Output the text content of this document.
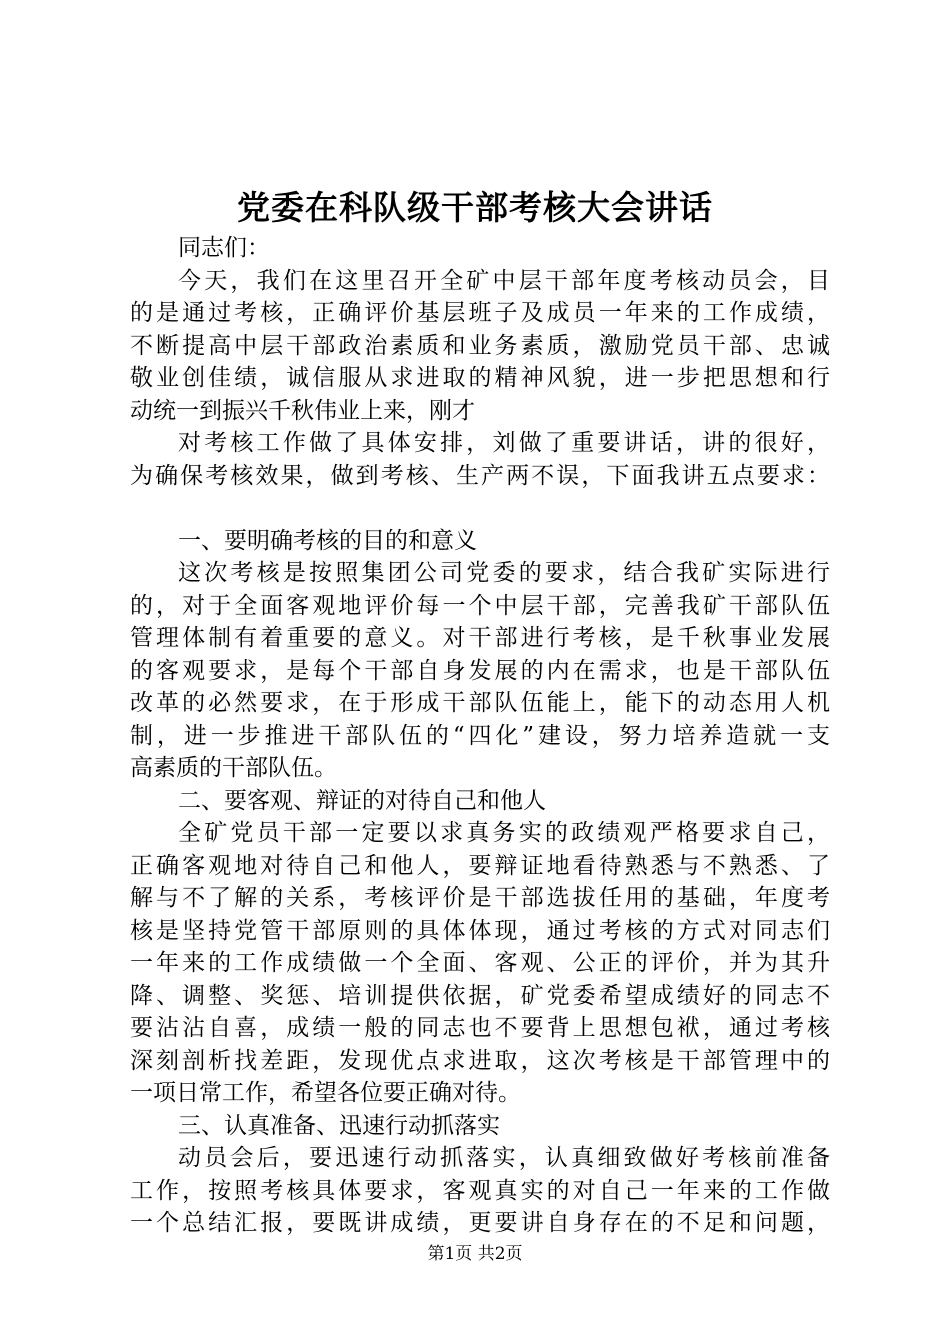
党委在科队级干部考核大会讲话
同志们：
今天，我们在这里召开全矿中层干部年度考核动员会，目
的是通过考核，正确评价基层班子及成员一年来的工作成绩，
不断提高中层干部政治素质和业务素质，激励党员干部、忠诚
敬业创佳绩，诚信服从求进取的精神风貌，进一步把思想和行
动统一到振兴千秋伟业上来，刚才
对考核工作做了具体安排，刘做了重要讲话，讲的很好，
为确保考核效果，做到考核、生产两不误，下面我讲五点要求：
一、要明确考核的目的和意义
这次考核是按照集团公司党委的要求，结合我矿实际进行
的，对于全面客观地评价每一个中层干部，完善我矿干部队伍
管理体制有着重要的意义。对干部进行考核，是千秋事业发展
的客观要求，是每个干部自身发展的内在需求，也是干部队伍
改革的必然要求，在于形成干部队伍能上，能下的动态用人机
制，进一步推进干部队伍的“四化”建设，努力培养造就一支
高素质的干部队伍。
二、要客观、辩证的对待自己和他人
全矿党员干部一定要以求真务实的政绩观严格要求自己，
正确客观地对待自己和他人，要辩证地看待熟悉与不熟悉、了
解与不了解的关系，考核评价是干部选拔任用的基础，年度考
核是坚持党管干部原则的具体体现，通过考核的方式对同志们
一年来的工作成绩做一个全面、客观、公正的评价，并为其升
降、调整、奖惩、培训提供依据，矿党委希望成绩好的同志不
要沾沾自喜，成绩一般的同志也不要背上思想包袱，通过考核
深刻剖析找差距，发现优点求进取，这次考核是干部管理中的
一项日常工作，希望各位要正确对待。
三、认真准备、迅速行动抓落实
动员会后，要迅速行动抓落实，认真细致做好考核前准备
工作，按照考核具体要求，客观真实的对自己一年来的工作做
一个总结汇报，要既讲成绩，更要讲自身存在的不足和问题，
第1页 共2页
